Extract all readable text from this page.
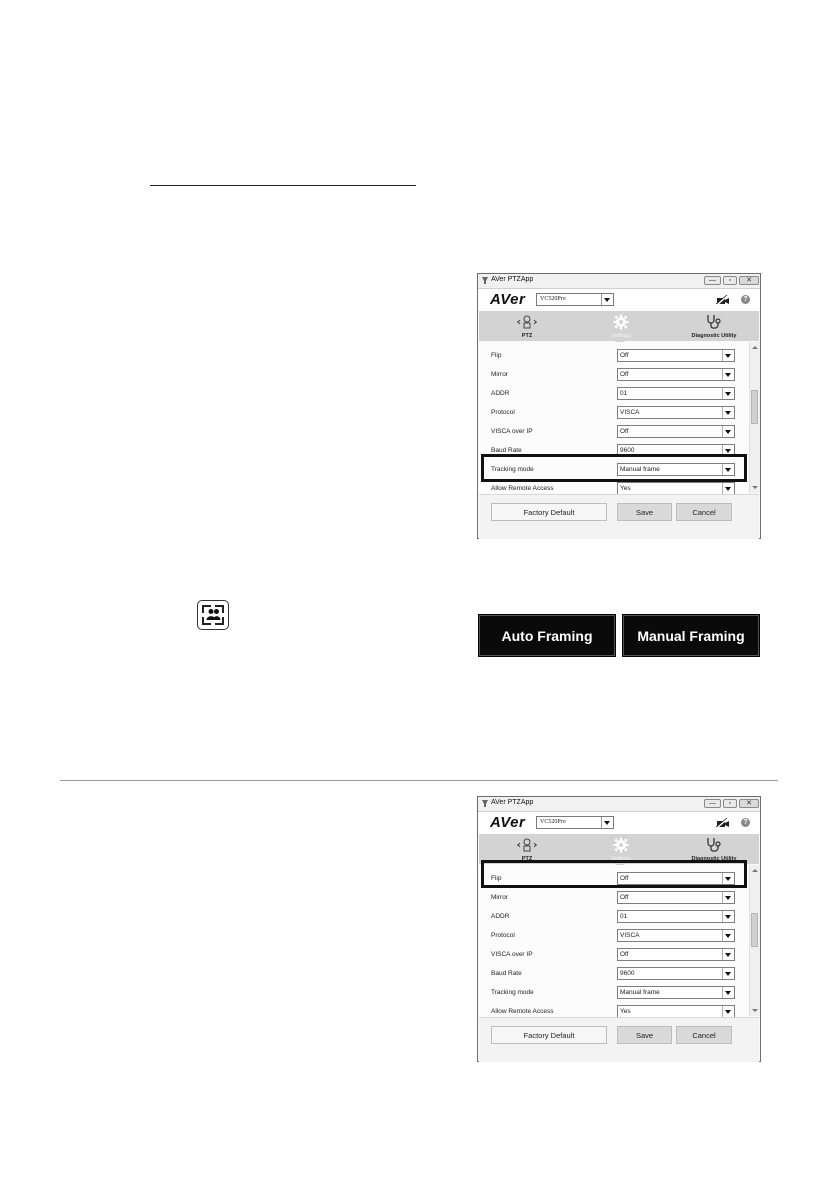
AVer PTZApp	—	▫	✕
AVer	VC520Pro	?
PTZ	Settings	Diagnostic Utility
Flip	Off
Mirror	Off
ADDR	01
Protocol	VISCA
VISCA over IP	Off
Baud Rate	9600
Tracking mode	Manual frame
Allow Remote Access	Yes
Factory Default	Save	Cancel
Auto Framing	Manual Framing
AVer PTZApp	—	▫	✕
AVer	VC520Pro	?
PTZ	Settings	Diagnostic Utility
Flip	Off
Mirror	Off
ADDR	01
Protocol	VISCA
VISCA over IP	Off
Baud Rate	9600
Tracking mode	Manual frame
Allow Remote Access	Yes
Factory Default	Save	Cancel
